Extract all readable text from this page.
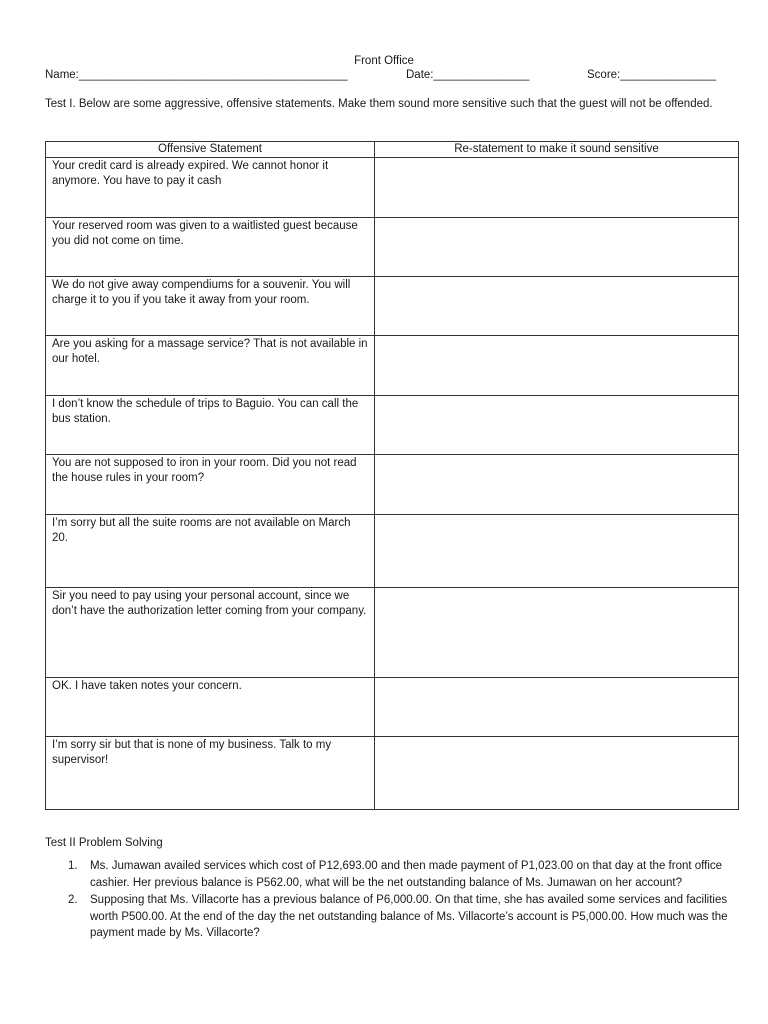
Front Office
Name:__________________________________________	Date:_______________	Score:_______________
Test I. Below are some aggressive, offensive statements. Make them sound more sensitive such that the guest will not be offended.
Offensive Statement	Re-statement to make it sound sensitive
Your credit card is already expired. We cannot honor it anymore. You have to pay it cash	
Your reserved room was given to a waitlisted guest because you did not come on time.	
We do not give away compendiums for a souvenir. You will charge it to you if you take it away from your room.	
Are you asking for a massage service? That is not available in our hotel.	
I don’t know the schedule of trips to Baguio. You can call the bus station.	
You are not supposed to iron in your room. Did you not read the house rules in your room?	
I’m sorry but all the suite rooms are not available on March 20.	
Sir you need to pay using your personal account, since we don’t have the authorization letter coming from your company.	
OK. I have taken notes your concern.	
I’m sorry sir but that is none of my business. Talk to my supervisor!	
Test II Problem Solving
1. Ms. Jumawan availed services which cost of P12,693.00 and then made payment of P1,023.00 on that day at the front office cashier. Her previous balance is P562.00, what will be the net outstanding balance of Ms. Jumawan on her account?
2. Supposing that Ms. Villacorte has a previous balance of P6,000.00. On that time, she has availed some services and facilities worth P500.00. At the end of the day the net outstanding balance of Ms. Villacorte’s account is P5,000.00. How much was the payment made by Ms. Villacorte?
